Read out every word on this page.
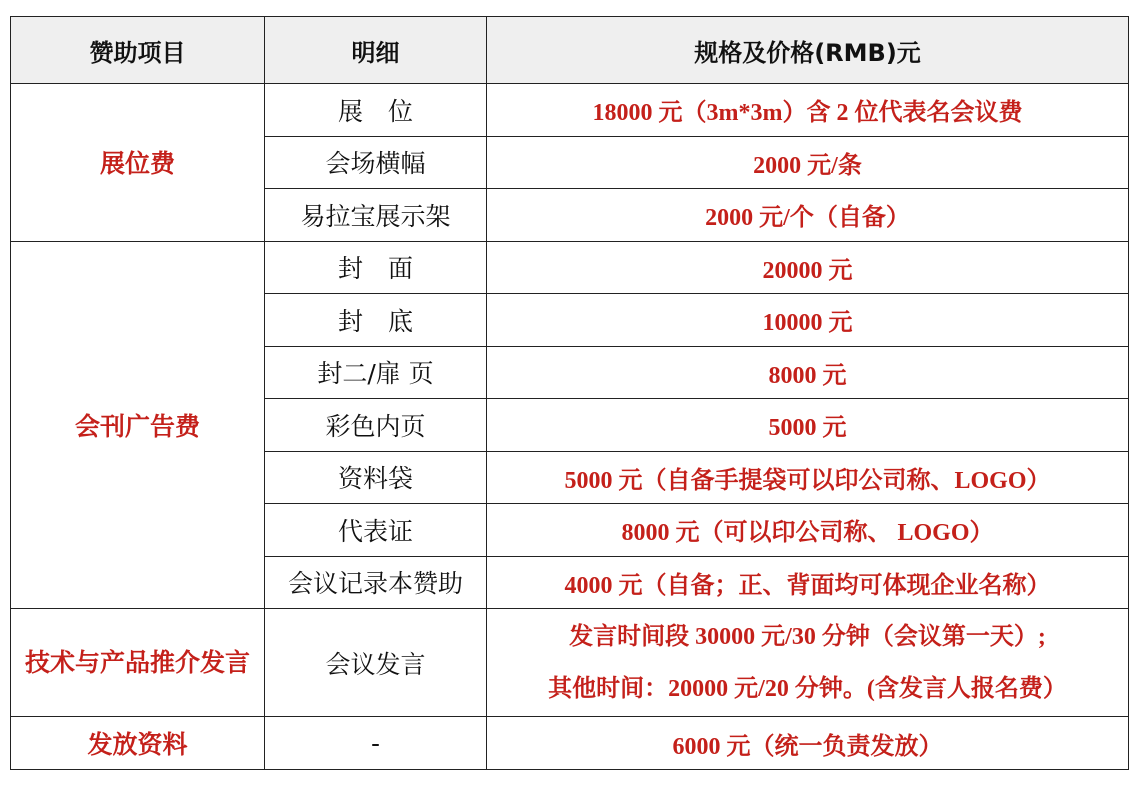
赞助项目	明细	规格及价格(RMB)元
展位费	展　位	18000 元（3m*3m）含 2 位代表名会议费
	会场横幅	2000 元/条
	易拉宝展示架	2000 元/个（自备）
会刊广告费	封　面	20000 元
	封　底	10000 元
	封二/扉 页	8000 元
	彩色内页	5000 元
	资料袋	5000 元（自备手提袋可以印公司称、LOGO）
	代表证	8000 元（可以印公司称、 LOGO）
	会议记录本赞助	4000 元（自备；正、背面均可体现企业名称）
技术与产品推介发言	会议发言	发言时间段 30000 元/30 分钟（会议第一天）;
其他时间：20000 元/20 分钟。(含发言人报名费）

发放资料	-	6000 元（统一负责发放）
